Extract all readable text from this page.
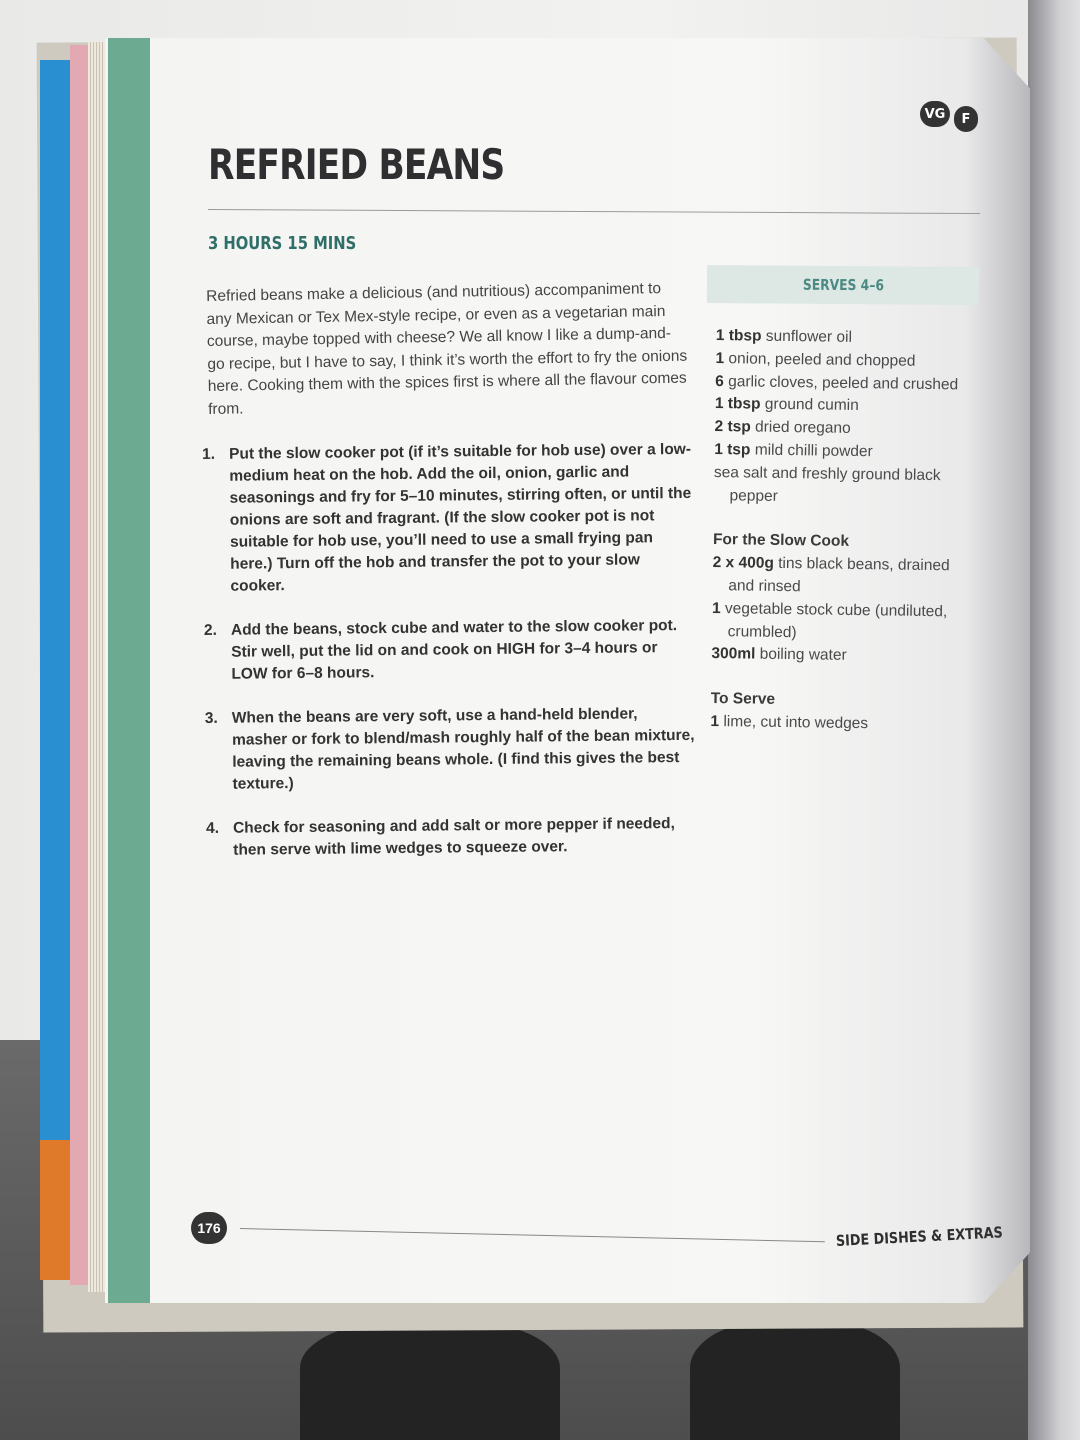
VG	F
REFRIED BEANS
3 HOURS 15 MINS

Refried beans make a delicious (and nutritious) accompaniment to any Mexican or Tex Mex-style recipe, or even as a vegetarian main course, maybe topped with cheese? We all know I like a dump-and-go recipe, but I have to say, I think it’s worth the effort to fry the onions here. Cooking them with the spices first is where all the flavour comes from.

1. Put the slow cooker pot (if it’s suitable for hob use) over a low-medium heat on the hob. Add the oil, onion, garlic and seasonings and fry for 5–10 minutes, stirring often, or until the onions are soft and fragrant. (If the slow cooker pot is not suitable for hob use, you’ll need to use a small frying pan here.) Turn off the hob and transfer the pot to your slow cooker.
2. Add the beans, stock cube and water to the slow cooker pot. Stir well, put the lid on and cook on HIGH for 3–4 hours or LOW for 6–8 hours.
3. When the beans are very soft, use a hand-held blender, masher or fork to blend/mash roughly half of the bean mixture, leaving the remaining beans whole. (I find this gives the best texture.)
4. Check for seasoning and add salt or more pepper if needed, then serve with lime wedges to squeeze over.
SERVES 4–6
1 tbsp sunflower oil
1 onion, peeled and chopped
6 garlic cloves, peeled and crushed
1 tbsp ground cumin
2 tsp dried oregano
1 tsp mild chilli powder
sea salt and freshly ground black pepper
For the Slow Cook
2 x 400g tins black beans, drained and rinsed
1 vegetable stock cube (undiluted, crumbled)
300ml boiling water
To Serve
1 lime, cut into wedges
176	SIDE DISHES & EXTRAS
